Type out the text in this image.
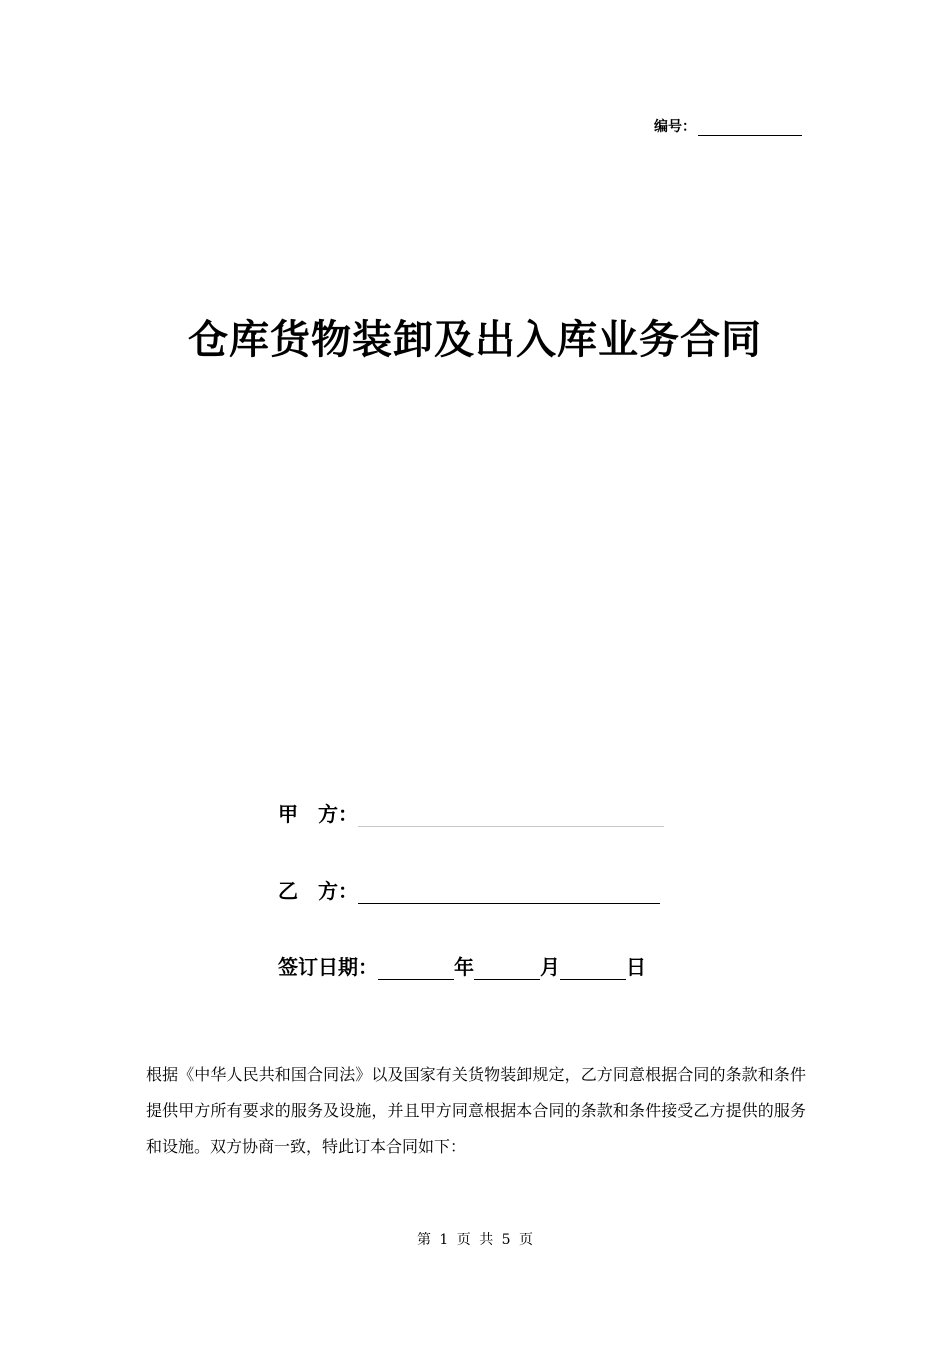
编号：
仓库货物装卸及出入库业务合同
甲　方：
乙　方：
签订日期：	年	月	日
根据《中华人民共和国合同法》以及国家有关货物装卸规定，乙方同意根据合同的条款和条件提供甲方所有要求的服务及设施，并且甲方同意根据本合同的条款和条件接受乙方提供的服务和设施。双方协商一致，特此订本合同如下：
第 1 页 共 5 页
